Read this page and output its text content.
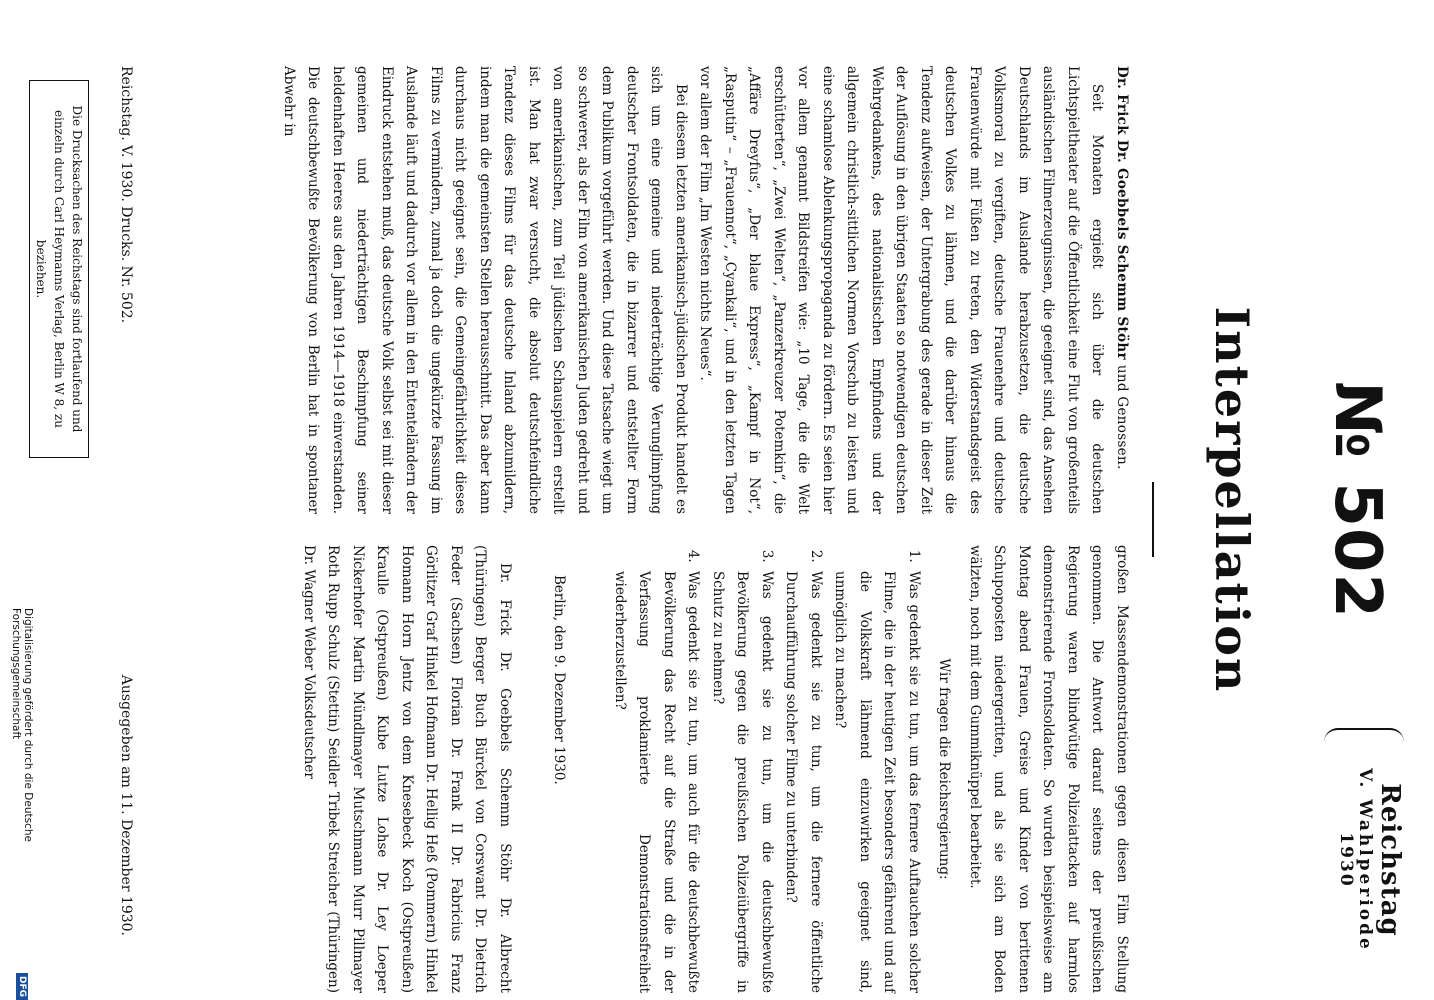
Reichstag
V. Wahlperiode
1930
№ 502
Interpellation

Dr. Frick Dr. Goebbels Schemm Stöhr und Genossen.

Seit Monaten ergießt sich über die deutschen Lichtspieltheater auf die Öffentlichkeit eine Flut von großenteils ausländischen Filmerzeugnissen, die geeignet sind, das Ansehen Deutschlands im Auslande herabzusetzen, die deutsche Volksmoral zu vergiften, deutsche Frauenehre und deutsche Frauenwürde mit Füßen zu treten, den Widerstandsgeist des deutschen Volkes zu lähmen, und die darüber hinaus die Tendenz aufweisen, der Untergrabung des gerade in dieser Zeit der Auflösung in den übrigen Staaten so notwendigen deutschen Wehrgedankens, des nationalistischen Empfindens und der allgemein christlich-sittlichen Normen Vorschub zu leisten und eine schamlose Ablenkungspropaganda zu fördern. Es seien hier vor allem genannt Bildstreifen wie: „10 Tage, die die Welt erschütterten“, „Zwei Welten“, „Panzerkreuzer Potemkin“, die „Affäre Dreyfus“, „Der blaue Express“, „Kampf in Not“, „Rasputin“ – „Frauennot“, „Cyankali“, und in den letzten Tagen vor allem der Film „Im Westen nichts Neues“.

Bei diesem letzten amerikanisch-jüdischen Produkt handelt es sich um eine gemeine und niederträchtige Verunglimpfung deutscher Frontsoldaten, die in bizarrer und entstellter Form dem Publikum vorgeführt werden. Und diese Tatsache wiegt um so schwerer, als der Film von amerikanischen Juden gedreht und von amerikanischen, zum Teil jüdischen Schauspielern erstellt ist. Man hat zwar versucht, die absolut deutschfeindliche Tendenz dieses Films für das deutsche Inland abzumildern, indem man die gemeinsten Stellen herausschnitt. Das aber kann durchaus nicht geeignet sein, die Gemeingefährlichkeit dieses Films zu vermindern, zumal ja doch die ungekürzte Fassung im Auslande läuft und dadurch vor allem in den Ententeländern der Eindruck entstehen muß, das deutsche Volk selbst sei mit dieser gemeinen und niederträchtigen Beschimpfung seiner heldenhaften Heeres aus den Jahren 1914—1918 einverstanden. Die deutschbewußte Bevölkerung von Berlin hat in spontaner Abwehr in

großen Massendemonstrationen gegen diesen Film Stellung genommen. Die Antwort darauf seitens der preußischen Regierung waren blindwütige Polizeiattacken auf harmlos demonstrierende Frontsoldaten. So wurden beispielsweise am Montag abend Frauen, Greise und Kinder von berittenen Schupoposten niedergeritten, und als sie sich am Boden wälzten, noch mit dem Gummiknüppel bearbeitet.

Wir fragen die Reichsregierung:

1. Was gedenkt sie zu tun, um das fernere Auftauchen solcher Filme, die in der heutigen Zeit besonders gefährend und auf die Volkskraft lähmend einzuwirken geeignet sind, unmöglich zu machen?
2. Was gedenkt sie zu tun, um die fernere öffentliche Durchaufführung solcher Filme zu unterbinden?
3. Was gedenkt sie zu tun, um die deutschbewußte Bevölkerung gegen die preußischen Polizeiübergriffe in Schutz zu nehmen?
4. Was gedenkt sie zu tun, um auch für die deutschbewußte Bevölkerung das Recht auf die Straße und die in der Verfassung proklamierte Demonstrationsfreiheit wiederherzustellen?

Berlin, den 9. Dezember 1930.

Dr. Frick Dr. Goebbels Schemm Stöhr Dr. Albrecht (Thüringen) Berger Buch Bürckel von Corswant Dr. Dietrich Feder (Sachsen) Florian Dr. Frank II Dr. Fabricius Franz Görlitzer Graf Hinkel Hofmann Dr. Hellig Heß (Pommern) Hinkel Homann Horn Jentz von dem Knesebeck Koch (Ostpreußen) Kraulle (Ostpreußen) Kube Lutze Lohse Dr. Ley Loeper Nickerhofer Martin Mündlmayer Mutschmann Murr Pillmayer Roth Rupp Schulz (Stettin) Seidler Tribek Streicher (Thüringen) Dr. Wagner Weber Volksdeutscher

Reichstag. V. 1930. Drucks. Nr. 502.
Ausgegeben am 11. Dezember 1930.
Die Drucksachen des Reichstags sind fortlaufend und einzeln durch Carl Heymanns Verlag, Berlin W 8, zu beziehen.
Digitalisierung gefördert durch die Deutsche Forschungsgemeinschaft
DFG
